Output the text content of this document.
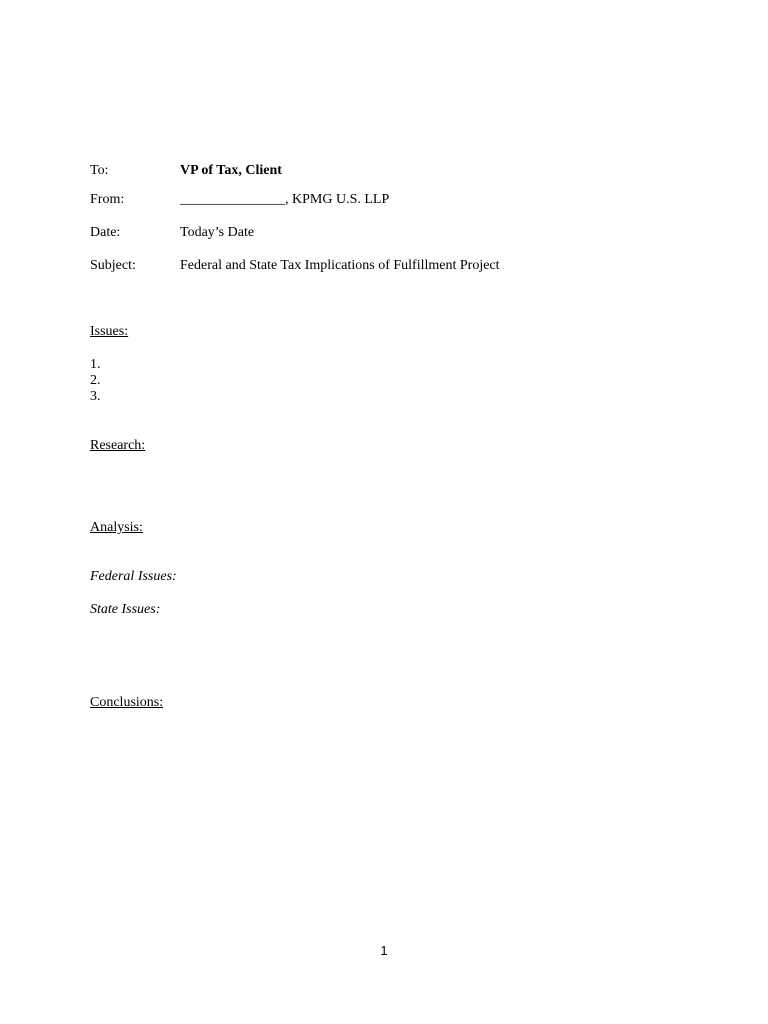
To:	VP of Tax, Client
From:	_______________, KPMG U.S. LLP
Date:	Today’s Date
Subject:	Federal and State Tax Implications of Fulfillment Project
Issues:
1.
2.
3.
Research:
Analysis:
Federal Issues:
State Issues:
Conclusions:
1
